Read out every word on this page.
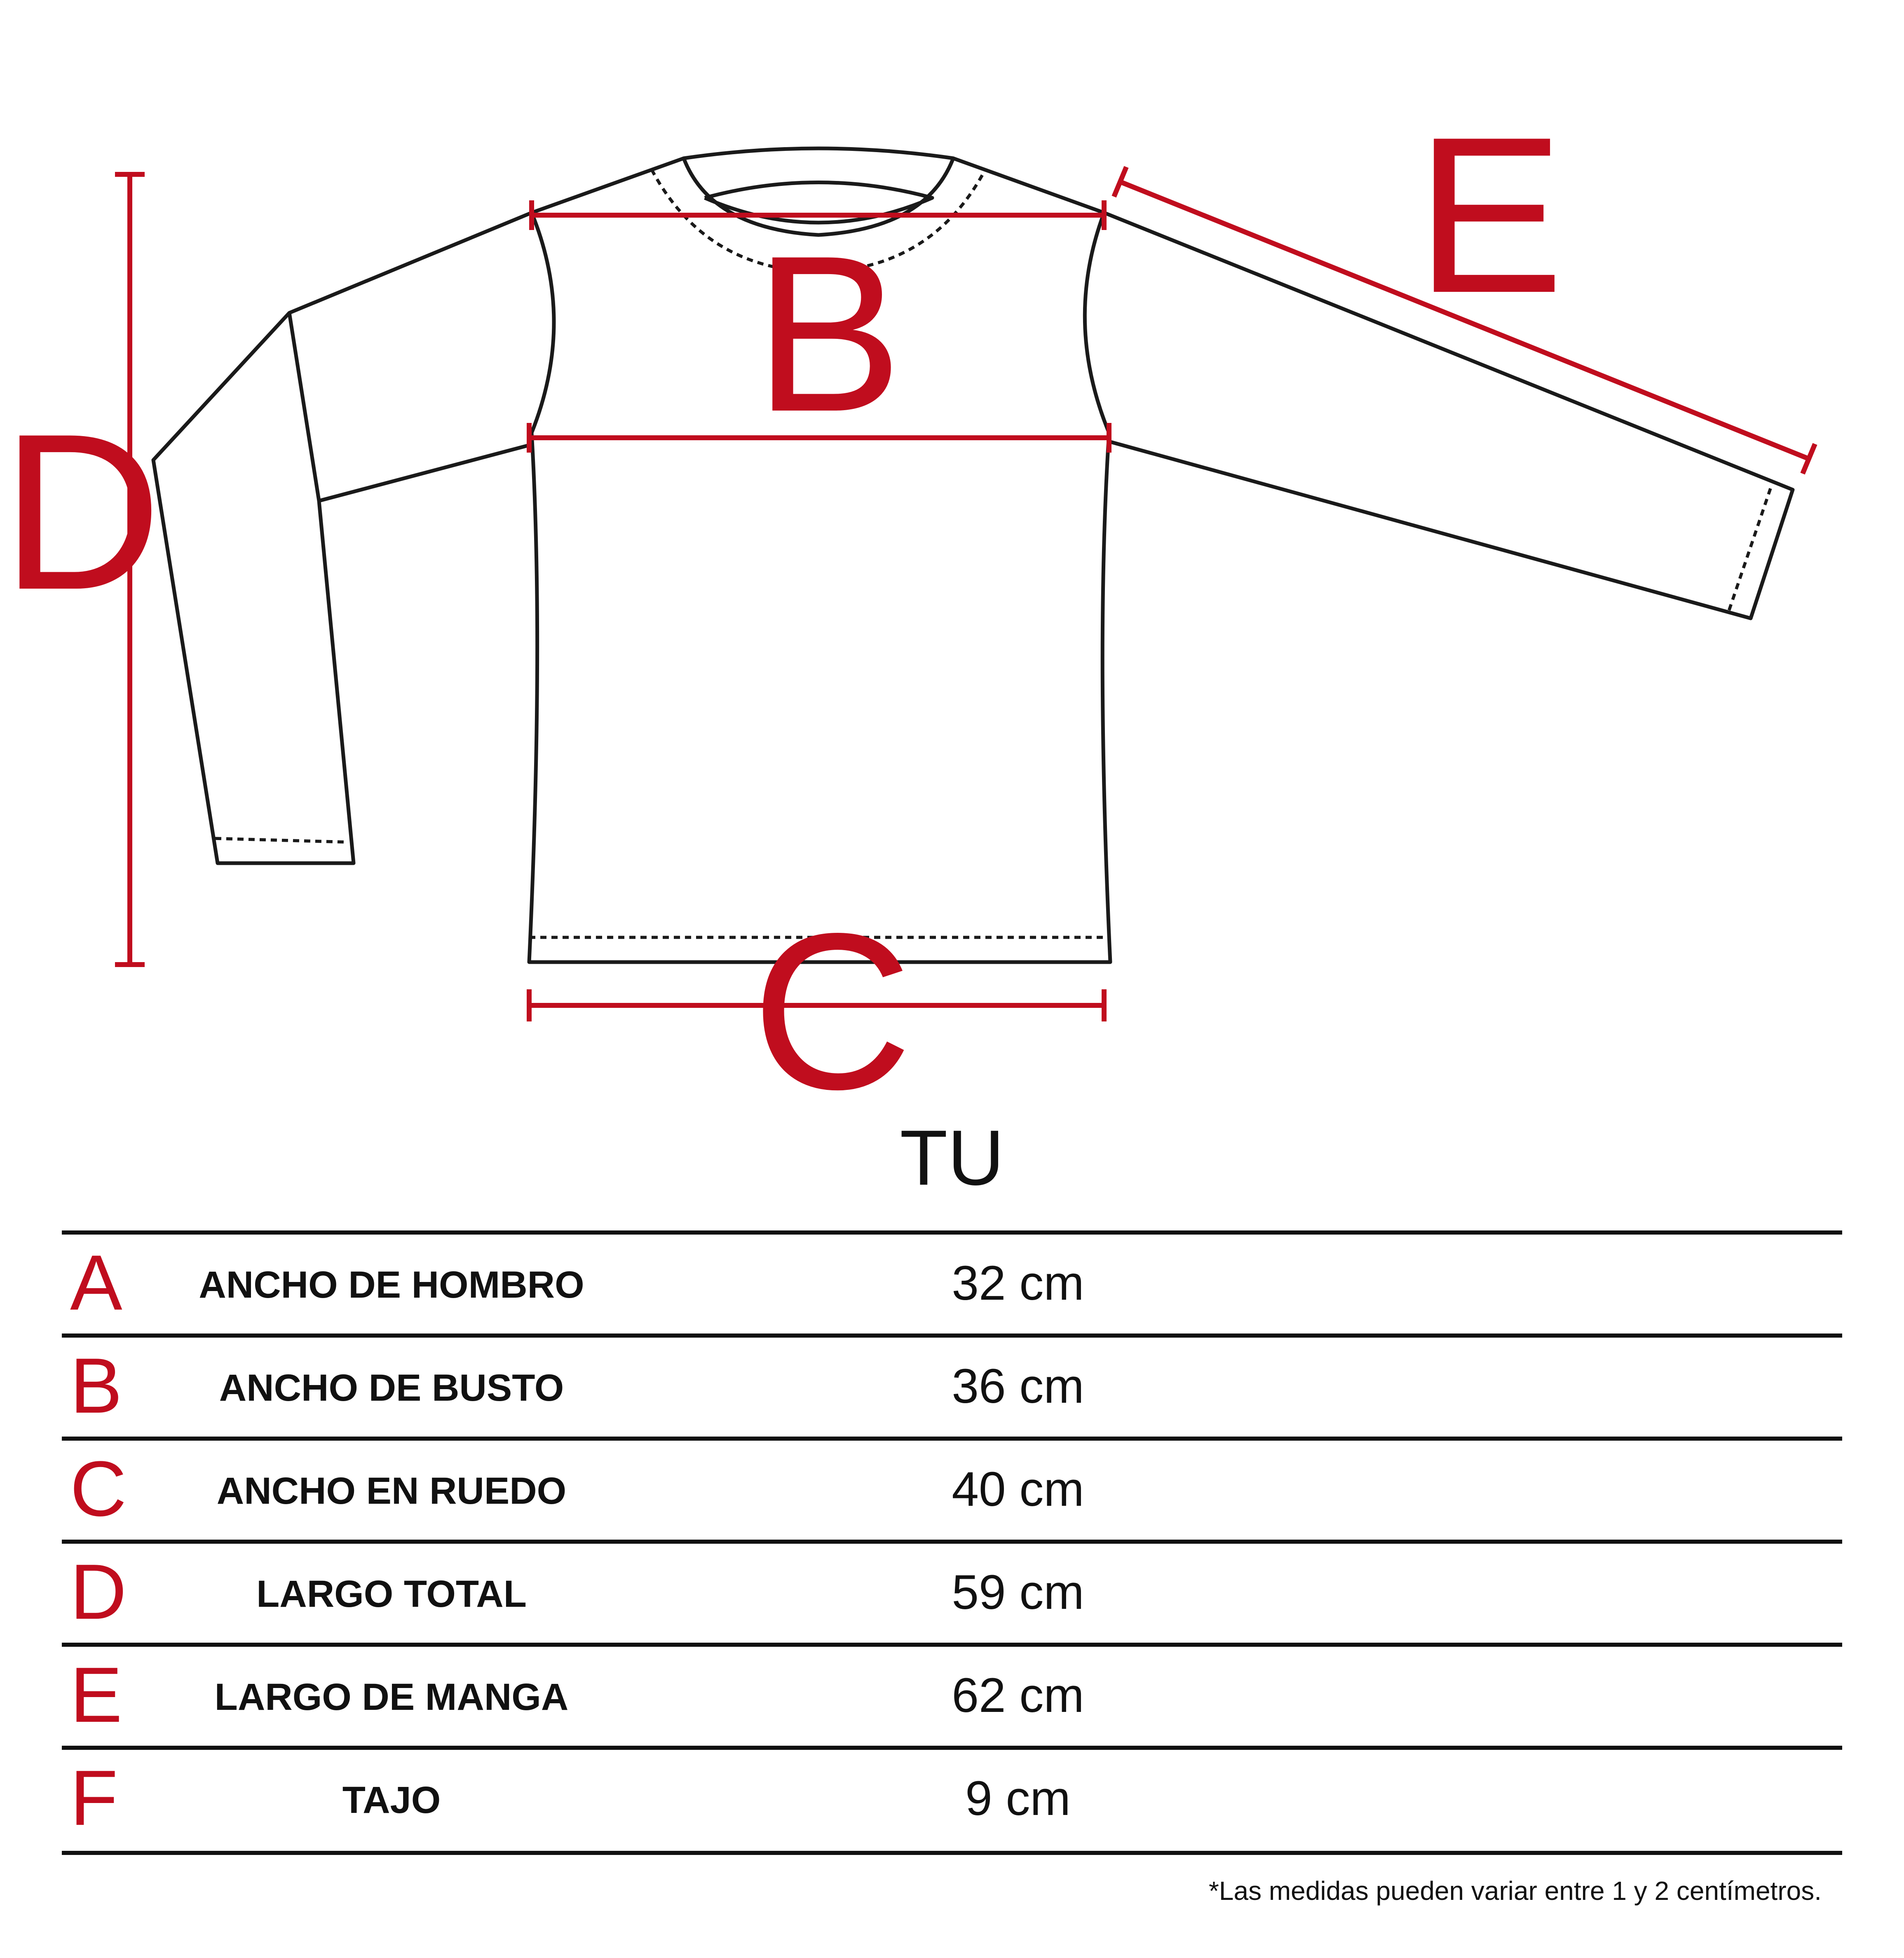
B
C
D
E
TU
A	ANCHO DE HOMBRO	32 cm
B	ANCHO DE BUSTO	36 cm
C	ANCHO EN RUEDO	40 cm
D	LARGO TOTAL	59 cm
E	LARGO DE MANGA	62 cm
F	TAJO	9 cm
*Las medidas pueden variar entre 1 y 2 centímetros.
